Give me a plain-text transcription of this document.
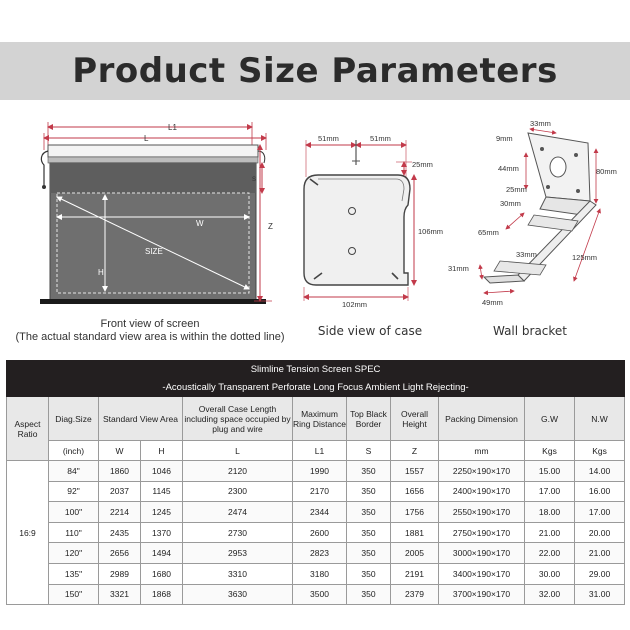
Product Size Parameters
L1
L
W
SIZE
H
Z
S
51mm	51mm
25mm
106mm
102mm
33mm
9mm
44mm
25mm
30mm
80mm
65mm
33mm
31mm
125mm
49mm
Front view of screen
(The actual standard view area is within the dotted line)	Side view of case	Wall bracket
Slimline Tension Screen SPEC										
-Acoustically Transparent Perforate Long Focus Ambient Light Rejecting-										
Aspect Ratio	Diag.Size	Standard View Area		Overall Case Length including space occupied by plug and wire	Maximum Ring Distance	Top Black Border	Overall Height	Packing Dimension	G.W	N.W
	(inch)	W	H	L	L1	S	Z	mm	Kgs	Kgs
16:9	84"	1860	1046	2120	1990	350	1557	2250×190×170	15.00	14.00
	92"	2037	1145	2300	2170	350	1656	2400×190×170	17.00	16.00
	100"	2214	1245	2474	2344	350	1756	2550×190×170	18.00	17.00
	110"	2435	1370	2730	2600	350	1881	2750×190×170	21.00	20.00
	120"	2656	1494	2953	2823	350	2005	3000×190×170	22.00	21.00
	135"	2989	1680	3310	3180	350	2191	3400×190×170	30.00	29.00
	150"	3321	1868	3630	3500	350	2379	3700×190×170	32.00	31.00
